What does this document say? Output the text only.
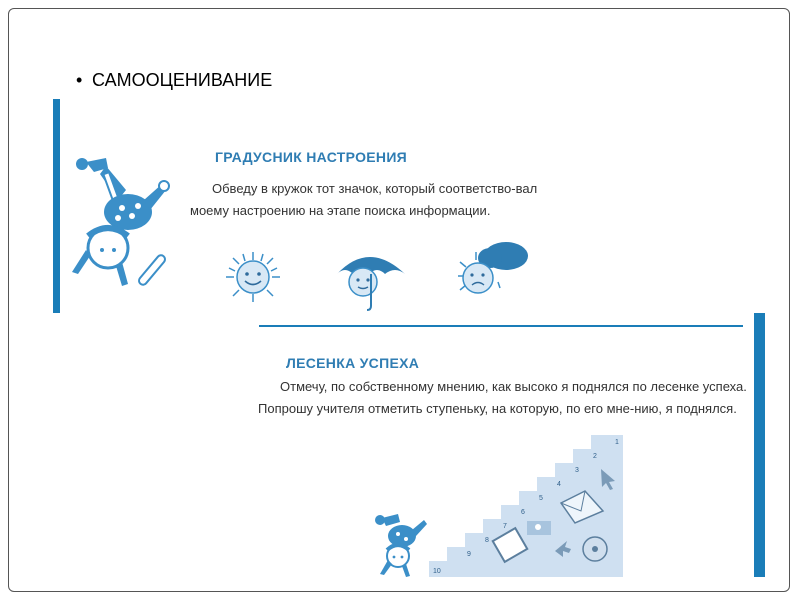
• САМООЦЕНИВАНИЕ
ГРАДУСНИК НАСТРОЕНИЯ
Обведу в кружок тот значок, который соответство-вал моему настроению на этапе поиска информации.
ЛЕСЕНКА УСПЕХА
Отмечу, по собственному мнению, как высоко я поднялся по лесенке успеха. Попрошу учителя отметить ступеньку, на которую, по его мне-нию, я поднялся.
1
2
3
4
5
6
7
8
9
10
